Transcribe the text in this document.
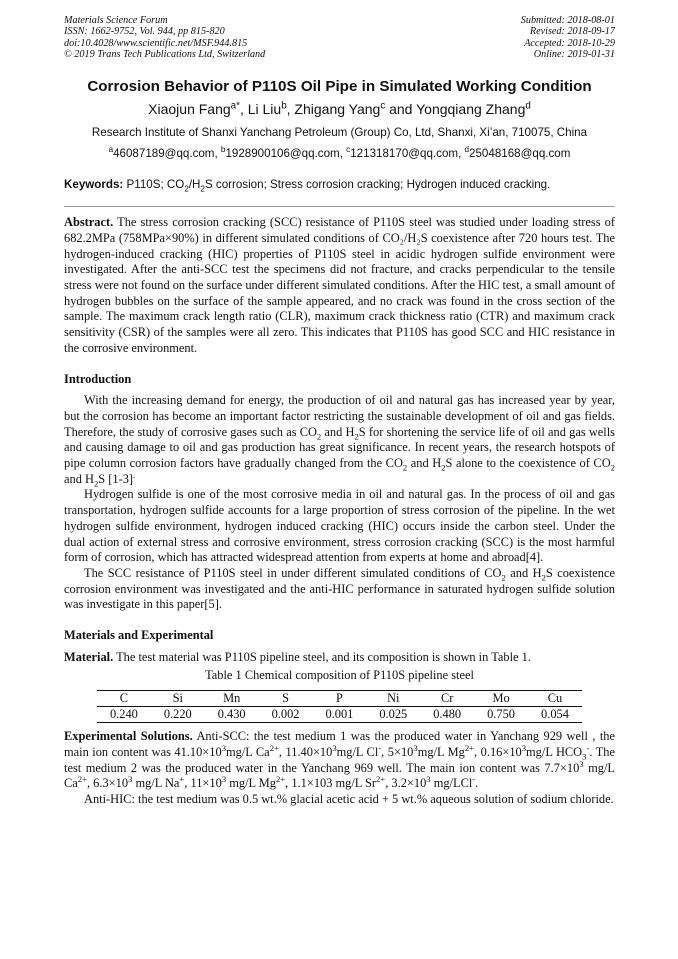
Materials Science Forum
ISSN: 1662-9752, Vol. 944, pp 815-820
doi:10.4028/www.scientific.net/MSF.944.815
© 2019 Trans Tech Publications Ltd, Switzerland
Submitted: 2018-08-01
Revised: 2018-09-17
Accepted: 2018-10-29
Online: 2019-01-31
Corrosion Behavior of P110S Oil Pipe in Simulated Working Condition
Xiaojun Fang$^{a*}$, Li Liu$^b$, Zhigang Yang$^c$ and Yongqiang Zhang$^d$
Research Institute of Shanxi Yanchang Petroleum (Group) Co, Ltd, Shanxi, Xi’an, 710075, China
$^a$46087189@qq.com, $^b$1928900106@qq.com, $^c$121318170@qq.com, $^d$25048168@qq.com
Keywords: P110S; $CO_2/H_2S$ corrosion; Stress corrosion cracking; Hydrogen induced cracking.
Abstract. The stress corrosion cracking (SCC) resistance of P110S steel was studied under loading stress of 682.2MPa (758MPa×90%) in different simulated conditions of CO₂/H₂S coexistence after 720 hours test. The hydrogen-induced cracking (HIC) properties of P110S steel in acidic hydrogen sulfide environment were investigated. After the anti-SCC test the specimens did not fracture, and cracks perpendicular to the tensile stress were not found on the surface under different simulated conditions. After the HIC test, a small amount of hydrogen bubbles on the surface of the sample appeared, and no crack was found in the cross section of the sample. The maximum crack length ratio (CLR), maximum crack thickness ratio (CTR) and maximum crack sensitivity (CSR) of the samples were all zero. This indicates that P110S has good SCC and HIC resistance in the corrosive environment.
Introduction
With the increasing demand for energy, the production of oil and natural gas has increased year by year, but the corrosion has become an important factor restricting the sustainable development of oil and gas fields. Therefore, the study of corrosive gases such as $CO_2$ and $H_2S$ for shortening the service life of oil and gas wells and causing damage to oil and gas production has great significance. In recent years, the research hotspots of pipe column corrosion factors have gradually changed from the $CO_2$ and $H_2S$ alone to the coexistence of $CO_2$ and $H_2S$ [1-3].
Hydrogen sulfide is one of the most corrosive media in oil and natural gas. In the process of oil and gas transportation, hydrogen sulfide accounts for a large proportion of stress corrosion of the pipeline. In the wet hydrogen sulfide environment, hydrogen induced cracking (HIC) occurs inside the carbon steel. Under the dual action of external stress and corrosive environment, stress corrosion cracking (SCC) is the most harmful form of corrosion, which has attracted widespread attention from experts at home and abroad[4].
The SCC resistance of P110S steel in under different simulated conditions of $CO_2$ and $H_2S$ coexistence corrosion environment was investigated and the anti-HIC performance in saturated hydrogen sulfide solution was investigate in this paper[5].
Materials and Experimental
Material. The test material was P110S pipeline steel, and its composition is shown in Table 1.
Table 1 Chemical composition of P110S pipeline steel
C	Si	Mn	S	P	Ni	Cr	Mo	Cu
0.240	0.220	0.430	0.002	0.001	0.025	0.480	0.750	0.054
Experimental Solutions. Anti-SCC: the test medium 1 was the produced water in Yanchang 929 well , the main ion content was $41.10\times 10^3mg/L$ $Ca^{2+}$, $11.40\times 10^3mg/L$ Cl-, $5\times 10^3mg/L$ $Mg^{2+}$, $0.16\times 10^3mg/L$ $HCO_3^-$. The test medium 2 was the produced water in the Yanchang 969 well. The main ion content was $7.7\times 10^3$ mg/L $Ca^{2+}$, $6.3\times 10^3$ mg/L Na+, $11\times 10^3$ mg/L $Mg^{2+}$, 1.1×103 mg/L $Sr^{2+}$, $3.2\times 10^3$ mg/LCl-.
Anti-HIC: the test medium was 0.5 wt.% glacial acetic acid + 5 wt.% aqueous solution of sodium chloride.
